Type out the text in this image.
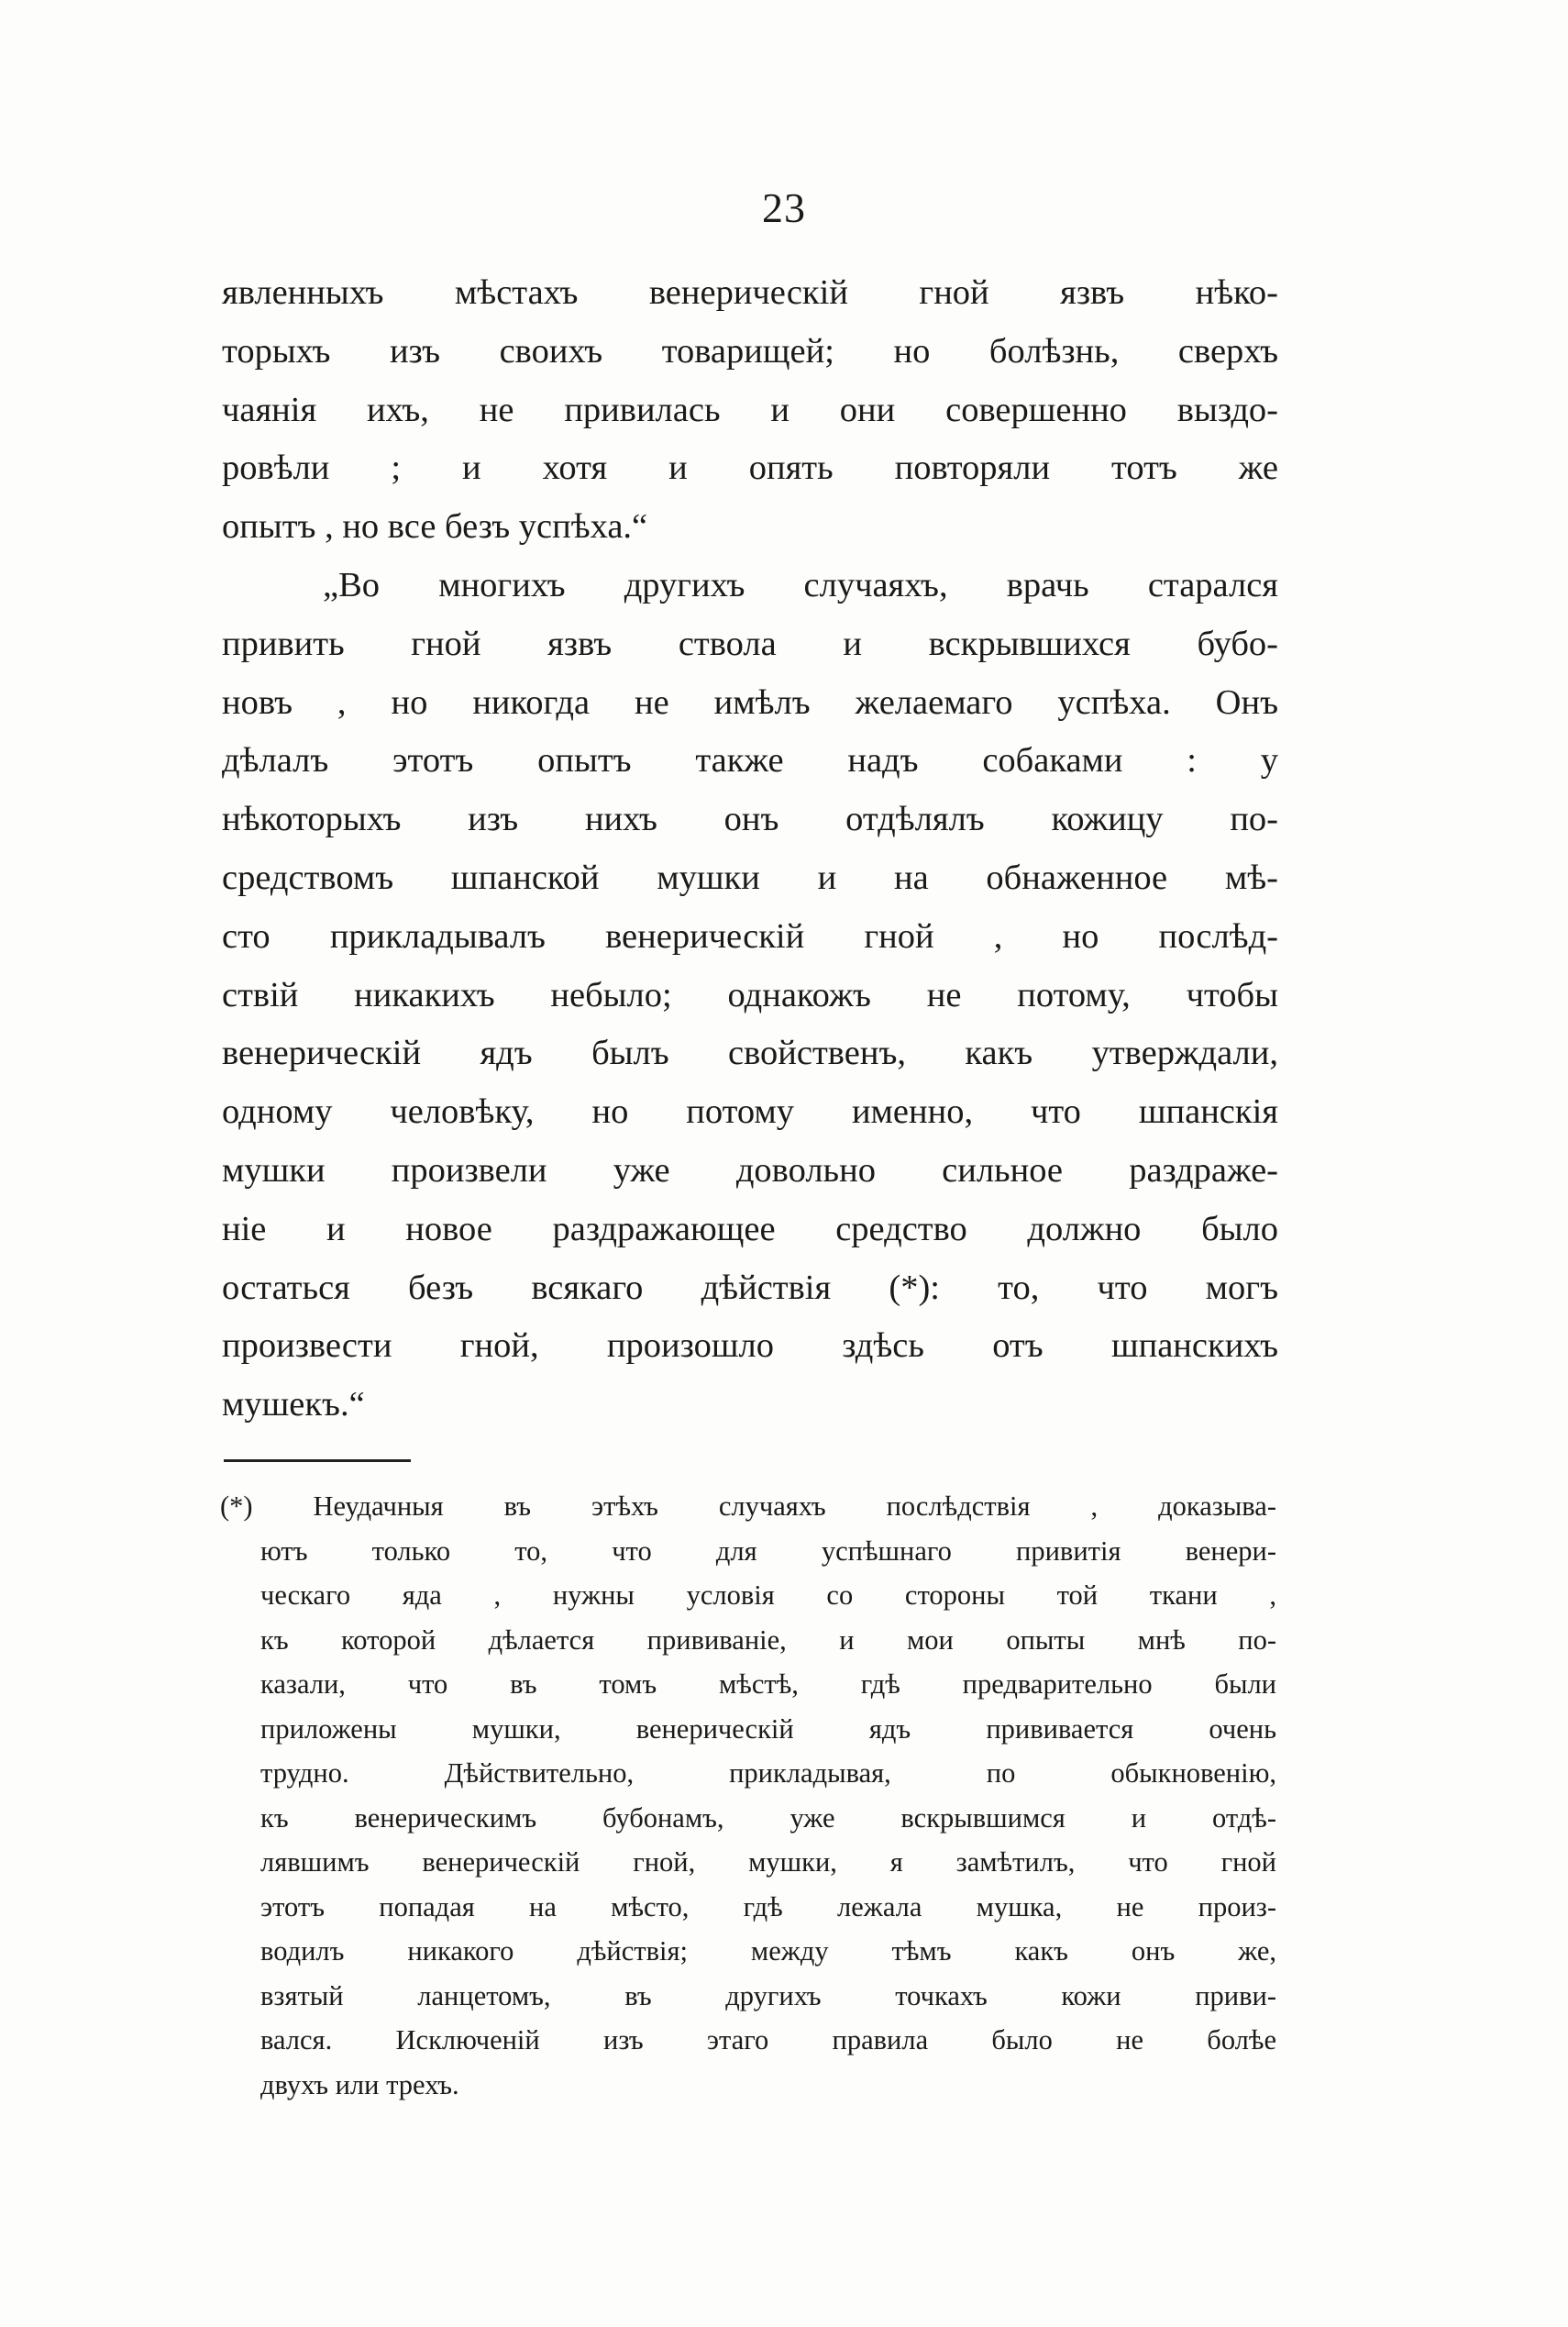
23
явленныхъ мѣстахъ венерическій гной язвъ нѣко-
торыхъ изъ своихъ товарищей; но болѣзнь, сверхъ
чаянія ихъ, не привилась и они совершенно выздо-
ровѣли ; и хотя и опять повторяли тотъ же
опытъ , но все безъ успѣха.“
„Во многихъ другихъ случаяхъ, врачь старался
привить гной язвъ ствола и вскрывшихся бубо-
новъ , но никогда не имѣлъ желаемаго успѣха. Онъ
дѣлалъ этотъ опытъ также надъ собаками : у
нѣкоторыхъ изъ нихъ онъ отдѣлялъ кожицу по-
средствомъ шпанской мушки и на обнаженное мѣ-
сто прикладывалъ венерическій гной , но послѣд-
ствій никакихъ небыло; однакожъ не потому, чтобы
венерическій ядъ былъ свойственъ, какъ утверждали,
одному человѣку, но потому именно, что шпанскія
мушки произвели уже довольно сильное раздраже-
ніе и новое раздражающее средство должно было
остаться безъ всякаго дѣйствія (*): то, что могъ
произвести гной, произошло здѣсь отъ шпанскихъ
мушекъ.“
(*) Неудачныя въ этѣхъ случаяхъ послѣдствія , доказыва-
ютъ только то, что для успѣшнаго привитія венери-
ческаго яда , нужны условія со стороны той ткани ,
къ которой дѣлается прививаніе, и мои опыты мнѣ по-
казали, что въ томъ мѣстѣ, гдѣ предварительно были
приложены мушки, венерическій ядъ прививается очень
трудно. Дѣйствительно, прикладывая, по обыкновенію,
къ венерическимъ бубонамъ, уже вскрывшимся и отдѣ-
лявшимъ венерическій гной, мушки, я замѣтилъ, что гной
этотъ попадая на мѣсто, гдѣ лежала мушка, не произ-
водилъ никакого дѣйствія; между тѣмъ какъ онъ же,
взятый ланцетомъ, въ другихъ точкахъ кожи приви-
вался. Исключеній изъ этаго правила было не болѣе
двухъ или трехъ.
